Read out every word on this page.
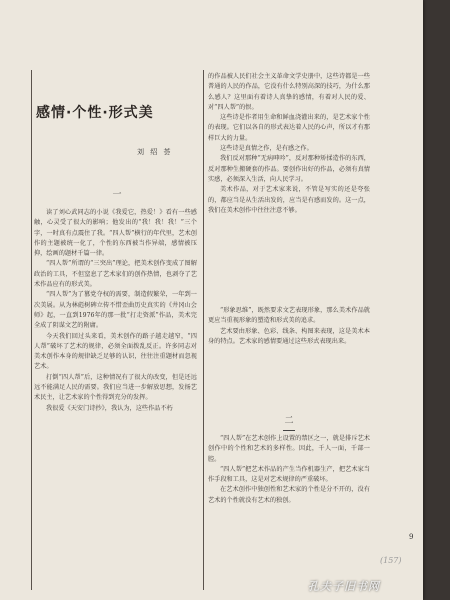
感情·个性·形式美
刘 绍 荟
一

读了刘心武同志的小说《我爱它，热爱！》看有一些感触，心灵受了很大的影响；他发出的“我！我！我！”三个字，一时真有点震住了我。“四人帮”横行的年代里，艺术创作的主题被统一化了，个性的东西被当作异端，感情被压抑，绘画的题材千篇一律。

“四人帮”所谓的“三突出”理论，把美术创作变成了图解政治的工具，不但窒息了艺术家们的创作热情，也剥夺了艺术作品应有的形式美。

“四人帮”为了篡党夺权的需要，制造假繁荣，一年到一次美展。从为林彪树碑立传不惜歪曲历史真实的《井冈山会师》起，一直到1976年的那一批“打走资派”作品，美术完全成了阴谋文艺的附庸。

今天我们回过头来看，美术创作的路子越走越窄，“四人帮”破坏了艺术的规律，必须全面拨乱反正。许多同志对美术创作本身的规律缺乏足够的认识，往往注重题材而忽视艺术。

打倒“四人帮”后，这种情况有了很大的改变，但是还远远不能满足人民的需要。我们应当进一步解放思想，发扬艺术民主，让艺术家的个性得到充分的发挥。

我很爱《天安门诗抄》，我认为，这些作品不朽

的作品被人民们社会主义革命文学史册中，这些诗都是一些普通的人民的作品，它没有什么特别高深的技巧，为什么那么感人？这里面有着诗人真挚的感情，有着对人民的爱、对“四人帮”的恨。

这些诗是作者用生命和鲜血浇灌出来的，是艺术家个性的表现。它们以各自的形式表达着人民的心声，所以才有那样巨大的力量。

这些诗是真情之作，是有感之作。

我们反对那种“无病呻吟”，反对那种矫揉造作的东西，反对那种生搬硬套的作品。要创作出好的作品，必须有真情实感，必须深入生活，向人民学习。

美术作品，对于艺术家来说，不管是写实的还是夸张的，都应当是从生活出发的，应当是有感而发的。这一点，我们在美术创作中往往注意不够。

“形象思维”，既然要求文艺表现形象，那么美术作品就更应当重视形象的塑造和形式美的追求。

艺术要由形象、色彩、线条、构图来表现，这是美术本身的特点。艺术家的感情要通过这些形式表现出来。

二

“四人帮”在艺术创作上设置的禁区之一，就是排斥艺术创作中的个性和艺术的多样性。因此，千人一面，千部一腔。

“四人帮”把艺术作品的产生当作机器生产，把艺术家当作手段和工具，这是对艺术规律的严重破坏。

在艺术创作中独创性和艺术家的个性是分不开的，没有艺术的个性就没有艺术的独创。

9
(157)
孔夫子旧书网
